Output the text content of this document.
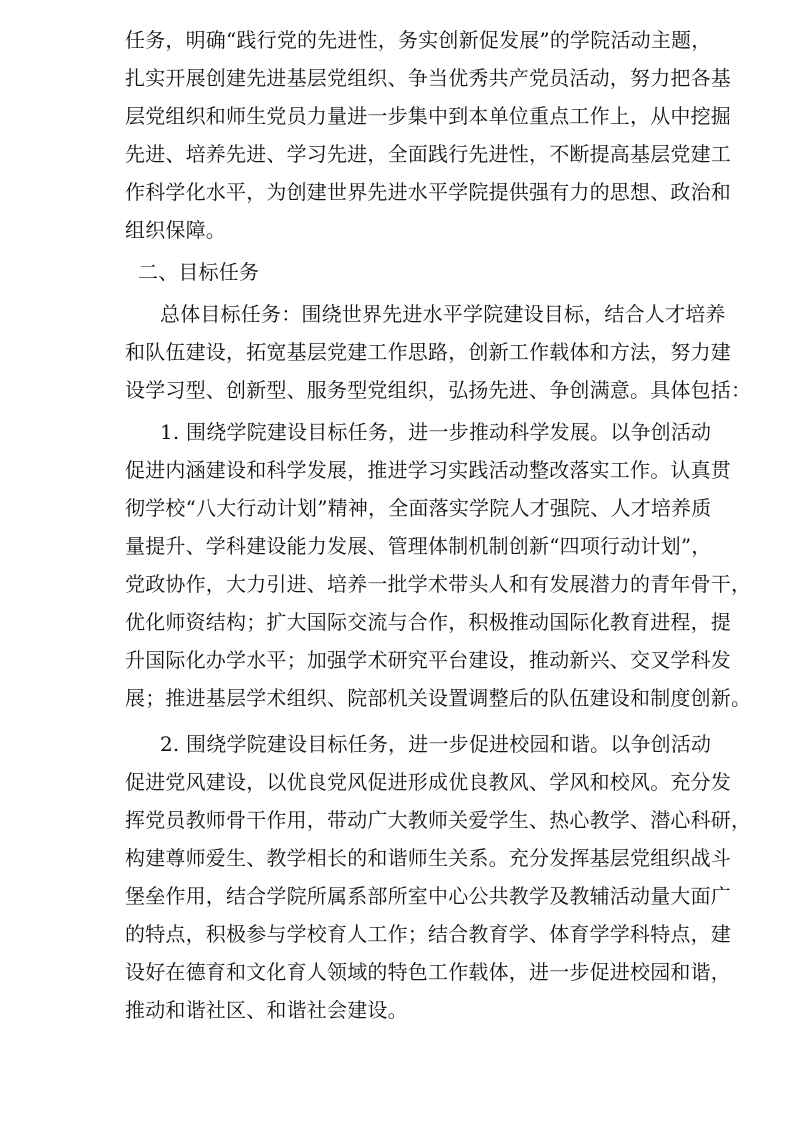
任务，明确“践行党的先进性，务实创新促发展”的学院活动主题，
扎实开展创建先进基层党组织、争当优秀共产党员活动，努力把各基
层党组织和师生党员力量进一步集中到本单位重点工作上，从中挖掘
先进、培养先进、学习先进，全面践行先进性，不断提高基层党建工
作科学化水平，为创建世界先进水平学院提供强有力的思想、政治和
组织保障。
二、目标任务
总体目标任务：围绕世界先进水平学院建设目标，结合人才培养
和队伍建设，拓宽基层党建工作思路，创新工作载体和方法，努力建
设学习型、创新型、服务型党组织，弘扬先进、争创满意。具体包括：
1. 围绕学院建设目标任务，进一步推动科学发展。以争创活动
促进内涵建设和科学发展，推进学习实践活动整改落实工作。认真贯
彻学校“八大行动计划”精神，全面落实学院人才强院、人才培养质
量提升、学科建设能力发展、管理体制机制创新“四项行动计划”，
党政协作，大力引进、培养一批学术带头人和有发展潜力的青年骨干，
优化师资结构；扩大国际交流与合作，积极推动国际化教育进程，提
升国际化办学水平；加强学术研究平台建设，推动新兴、交叉学科发
展；推进基层学术组织、院部机关设置调整后的队伍建设和制度创新。
2. 围绕学院建设目标任务，进一步促进校园和谐。以争创活动
促进党风建设，以优良党风促进形成优良教风、学风和校风。充分发
挥党员教师骨干作用，带动广大教师关爱学生、热心教学、潜心科研，
构建尊师爱生、教学相长的和谐师生关系。充分发挥基层党组织战斗
堡垒作用，结合学院所属系部所室中心公共教学及教辅活动量大面广
的特点，积极参与学校育人工作；结合教育学、体育学学科特点，建
设好在德育和文化育人领域的特色工作载体，进一步促进校园和谐，
推动和谐社区、和谐社会建设。
